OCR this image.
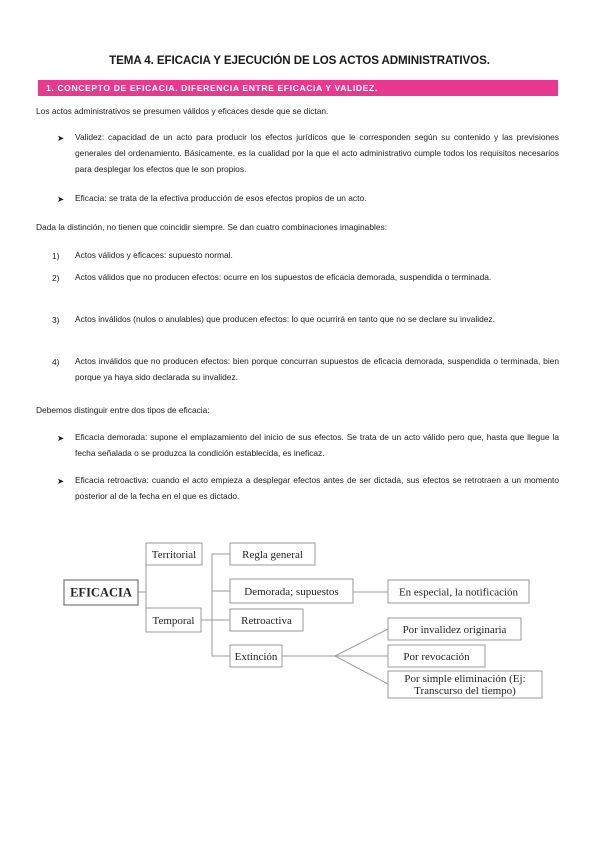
TEMA 4. EFICACIA Y EJECUCIÓN DE LOS ACTOS ADMINISTRATIVOS.
1. CONCEPTO DE EFICACIA. DIFERENCIA ENTRE EFICACIA Y VALIDEZ.

Los actos administrativos se presumen válidos y eficaces desde que se dictan.

➤ Validez: capacidad de un acto para producir los efectos jurídicos que le corresponden según su contenido y las previsiones generales del ordenamiento. Básicamente, es la cualidad por la que el acto administrativo cumple todos los requisitos necesarios para desplegar los efectos que le son propios.

➤ Eficacia: se trata de la efectiva producción de esos efectos propios de un acto.

Dada la distinción, no tienen que coincidir siempre. Se dan cuatro combinaciones imaginables:

1) Actos válidos y eficaces: supuesto normal.

2) Actos válidos que no producen efectos: ocurre en los supuestos de eficacia demorada, suspendida o terminada.

3) Actos inválidos (nulos o anulables) que producen efectos: lo que ocurrirá en tanto que no se declare su invalidez.

4) Actos inválidos que no producen efectos: bien porque concurran supuestos de eficacia demorada, suspendida o terminada, bien porque ya haya sido declarada su invalidez.

Debemos distinguir entre dos tipos de eficacia:

➤ Eficacia demorada: supone el emplazamiento del inicio de sus efectos. Se trata de un acto válido pero que, hasta que llegue la fecha señalada o se produzca la condición establecida, es ineficaz.

➤ Eficacia retroactiva: cuando el acto empieza a desplegar efectos antes de ser dictada, sus efectos se retrotraen a un momento posterior al de la fecha en el que es dictado.

EFICACIA
Territorial
Temporal
Regla general
Demorada; supuestos	En especial, la notificación
Retroactiva
Extinción
Por invalidez originaria
Por revocación
Por simple eliminación (Ej:
Transcurso del tiempo)
